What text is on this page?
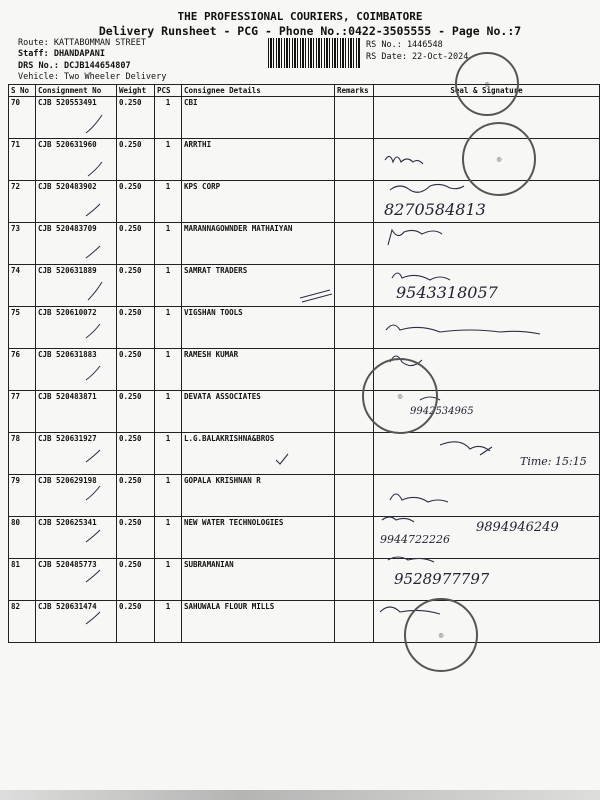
THE PROFESSIONAL COURIERS, COIMBATORE
Delivery Runsheet - PCG - Phone No.:0422-3505555 - Page No.:7
Route: KATTABOMMAN STREET
Staff: DHANDAPANI
DRS No.: DCJB144654807
Vehicle: Two Wheeler Delivery
RS No.: 1446548
RS Date: 22-Oct-2024
S No	Consignment No	Weight	PCS	Consignee Details	Remarks	Seal & Signature
70	CJB 520553491	0.250	1	CBI		
71	CJB 520631960	0.250	1	ARRTHI		
72	CJB 520483902	0.250	1	KPS CORP		
73	CJB 520483709	0.250	1	MARANNAGOWNDER MATHAIYAN		
74	CJB 520631889	0.250	1	SAMRAT TRADERS		
75	CJB 520610072	0.250	1	VIGSHAN TOOLS		
76	CJB 520631883	0.250	1	RAMESH KUMAR		
77	CJB 520483871	0.250	1	DEVATA ASSOCIATES		
78	CJB 520631927	0.250	1	L.G.BALAKRISHNA&BROS		
79	CJB 520629198	0.250	1	GOPALA KRISHNAN R		
80	CJB 520625341	0.250	1	NEW WATER TECHNOLOGIES		
81	CJB 520485773	0.250	1	SUBRAMANIAN		
82	CJB 520631474	0.250	1	SAHUWALA FLOUR MILLS		
8270584813
9543318057
9942534965
Time: 15:15
9894946249
9944722226
9528977797
◎
◎
◎
◎
